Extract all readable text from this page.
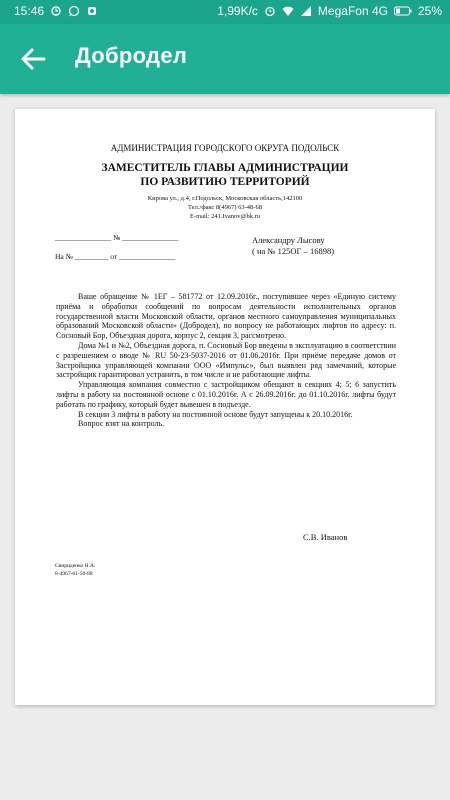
15:46	1,99K/c	MegaFon 4G	25%
Добродел
АДМИНИСТРАЦИЯ ГОРОДСКОГО ОКРУГА ПОДОЛЬСК
ЗАМЕСТИТЕЛЬ ГЛАВЫ АДМИНИСТРАЦИИ
ПО РАЗВИТИЮ ТЕРРИТОРИЙ
Кирова ул., д.4, г.Подольск, Московская область,142100
Тел./факс 8(4967) 63-48-68
E-mail: 241.Ivanov@bk.ru
_______________ № _______________
На № _________ от _______________
Александру Лысову
( на № 125ОГ – 16898)

Ваше обращение № 1ЕГ – 581772 от 12.09.2016г., поступившее через «Единую систему приёма и обработки сообщений по вопросам деятельности исполнительных органов государственной власти Московской области, органов местного самоуправления муниципальных образований Московской области» (Добродел), по вопросу не работающих лифтов по адресу: п. Сосновый Бор, Объездная дорога, корпус 2, секция 3, рассмотрено.

Дома №1 и №2, Объездная дорога, п. Сосновый Бор введены в эксплуатацию в соответствии с разрешением о вводе № RU 50-23-5037-2016 от 01.06.2016г. При приёме передаче домов от Застройщика управляющей компании ООО «Импульс», был выявлен ряд замечаний, которые застройщик гарантировал устранить, в том числе и не работающие лифты.

Управляющая компания совместно с застройщиком обещают в секциях 4; 5; 6 запустить лифты в работу на постоянной основе с 01.10.2016г. А с 26.09.2016г. до 01.10.2016г. лифты будут работать по графику, который будет вывешен в подъезде.

В секции 3 лифты в работу на постоянной основе будут запущены к 20.10.2016г.

Вопрос взят на контроль.

С.В. Иванов
Свириденко Н.А.
8-4967-61-50-88
